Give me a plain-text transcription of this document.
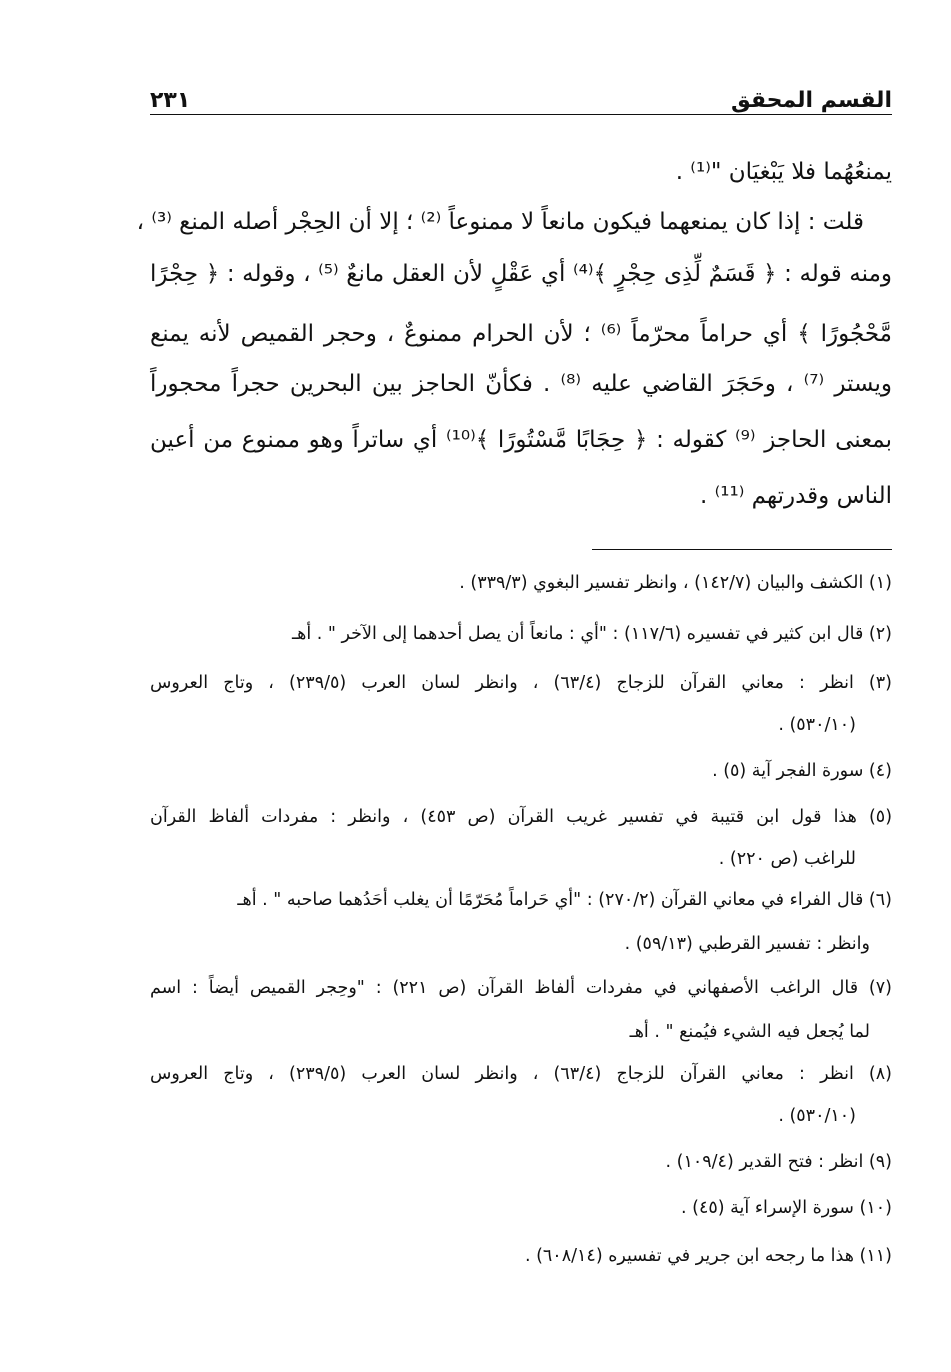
القسم المحقق
٢٣١
يمنعُهُما فلا يَبْغيَان "⁽¹⁾ .
قلت : إذا كان يمنعهما فيكون مانعاً لا ممنوعاً ⁽²⁾ ؛ إلا أن الحِجْر أصله المنع ⁽³⁾ ،
ومنه قوله : ﴿ قَسَمٌ لِّذِى حِجْرٍ ﴾⁽⁴⁾ أي عَقْلٍ لأن العقل مانعٌ ⁽⁵⁾ ، وقوله : ﴿ حِجْرًا
مَّحْجُورًا ﴾ أي حراماً محرّماً ⁽⁶⁾ ؛ لأن الحرام ممنوعٌ ، وحجر القميص لأنه يمنع
ويستر ⁽⁷⁾ ، وحَجَرَ القاضي عليه ⁽⁸⁾ . فكأنّ الحاجز بين البحرين حجراً محجوراً
بمعنى الحاجز ⁽⁹⁾ كقوله : ﴿ حِجَابًا مَّسْتُورًا ﴾⁽¹⁰⁾ أي ساتراً وهو ممنوع من أعين
الناس وقدرتهم ⁽¹¹⁾ .
(١) الكشف والبيان (١٤٢/٧) ، وانظر تفسير البغوي (٣٣٩/٣) .
(٢) قال ابن كثير في تفسيره (١١٧/٦) : "أي : مانعاً أن يصل أحدهما إلى الآخر " . أهـ
(٣) انظر : معاني القرآن للزجاج (٦٣/٤) ، وانظر لسان العرب (٢٣٩/٥) ، وتاج العروس
(٥٣٠/١٠) .
(٤) سورة الفجر آية (٥) .
(٥) هذا قول ابن قتيبة في تفسير غريب القرآن (ص ٤٥٣) ، وانظر : مفردات ألفاظ القرآن
للراغب (ص ٢٢٠) .
(٦) قال الفراء في معاني القرآن (٢٧٠/٢) : "أي حَراماً مُحَرّمًا أن يغلب أحَدُهما صاحبه " . أهـ
وانظر : تفسير القرطبي (٥٩/١٣) .
(٧) قال الراغب الأصفهاني في مفردات ألفاظ القرآن (ص ٢٢١) : "وحِجر القميص أيضاً : اسم
لما يُجعل فيه الشيء فيُمنع " . أهـ
(٨) انظر : معاني القرآن للزجاج (٦٣/٤) ، وانظر لسان العرب (٢٣٩/٥) ، وتاج العروس
(٥٣٠/١٠) .
(٩) انظر : فتح القدير (١٠٩/٤) .
(١٠) سورة الإسراء آية (٤٥) .
(١١) هذا ما رجحه ابن جرير في تفسيره (٦٠٨/١٤) .
